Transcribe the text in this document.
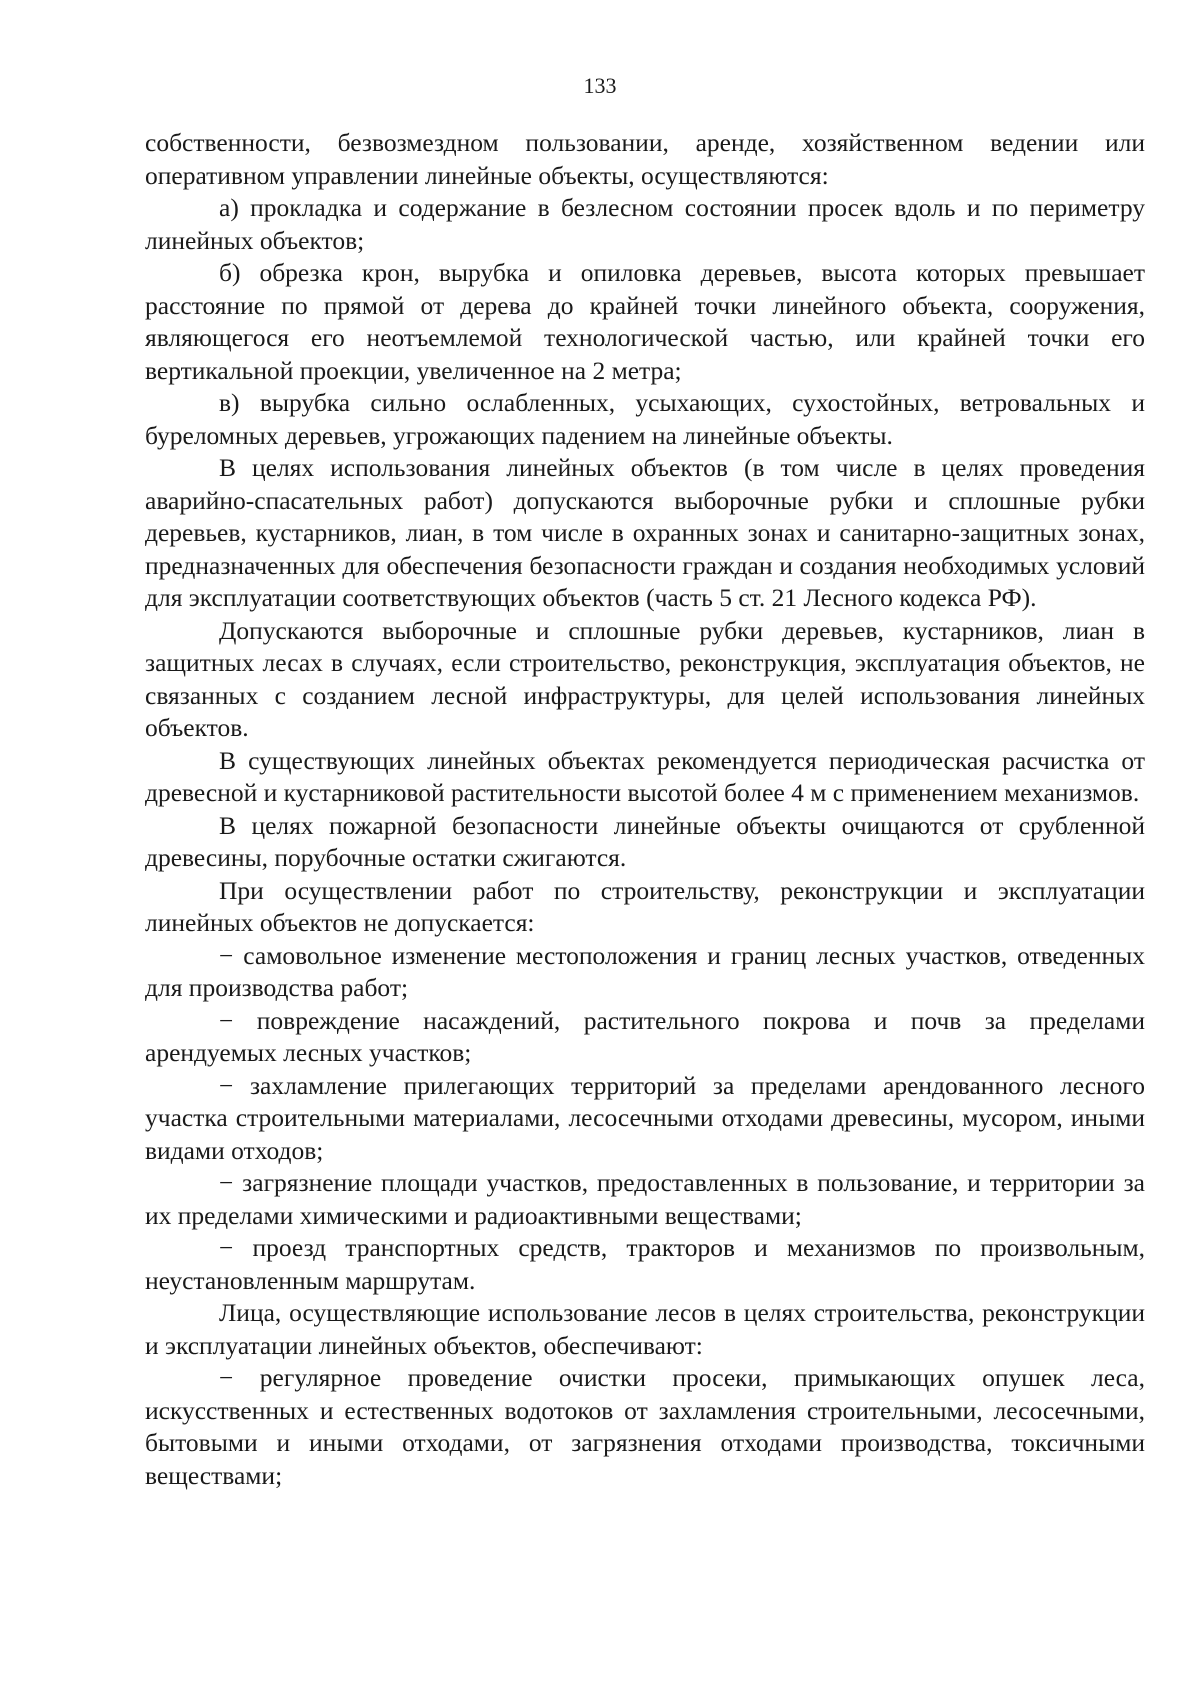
133

собственности, безвозмездном пользовании, аренде, хозяйственном ведении или оперативном управлении линейные объекты, осуществляются:

а) прокладка и содержание в безлесном состоянии просек вдоль и по периметру линейных объектов;

б) обрезка крон, вырубка и опиловка деревьев, высота которых превышает расстояние по прямой от дерева до крайней точки линейного объекта, сооружения, являющегося его неотъемлемой технологической частью, или крайней точки его вертикальной проекции, увеличенное на 2 метра;

в) вырубка сильно ослабленных, усыхающих, сухостойных, ветровальных и буреломных деревьев, угрожающих падением на линейные объекты.

В целях использования линейных объектов (в том числе в целях проведения аварийно-спасательных работ) допускаются выборочные рубки и сплошные рубки деревьев, кустарников, лиан, в том числе в охранных зонах и санитарно-защитных зонах, предназначенных для обеспечения безопасности граждан и создания необходимых условий для эксплуатации соответствующих объектов (часть 5 ст. 21 Лесного кодекса РФ).

Допускаются выборочные и сплошные рубки деревьев, кустарников, лиан в защитных лесах в случаях, если строительство, реконструкция, эксплуатация объектов, не связанных с созданием лесной инфраструктуры, для целей использования линейных объектов.

В существующих линейных объектах рекомендуется периодическая расчистка от древесной и кустарниковой растительности высотой более 4 м с применением механизмов.

В целях пожарной безопасности линейные объекты очищаются от срубленной древесины, порубочные остатки сжигаются.

При осуществлении работ по строительству, реконструкции и эксплуатации линейных объектов не допускается:

− самовольное изменение местоположения и границ лесных участков, отведенных для производства работ;

− повреждение насаждений, растительного покрова и почв за пределами арендуемых лесных участков;

− захламление прилегающих территорий за пределами арендованного лесного участка строительными материалами, лесосечными отходами древесины, мусором, иными видами отходов;

− загрязнение площади участков, предоставленных в пользование, и территории за их пределами химическими и радиоактивными веществами;

− проезд транспортных средств, тракторов и механизмов по произвольным, неустановленным маршрутам.

Лица, осуществляющие использование лесов в целях строительства, реконструкции и эксплуатации линейных объектов, обеспечивают:

− регулярное проведение очистки просеки, примыкающих опушек леса, искусственных и естественных водотоков от захламления строительными, лесосечными, бытовыми и иными отходами, от загрязнения отходами производства, токсичными веществами;
